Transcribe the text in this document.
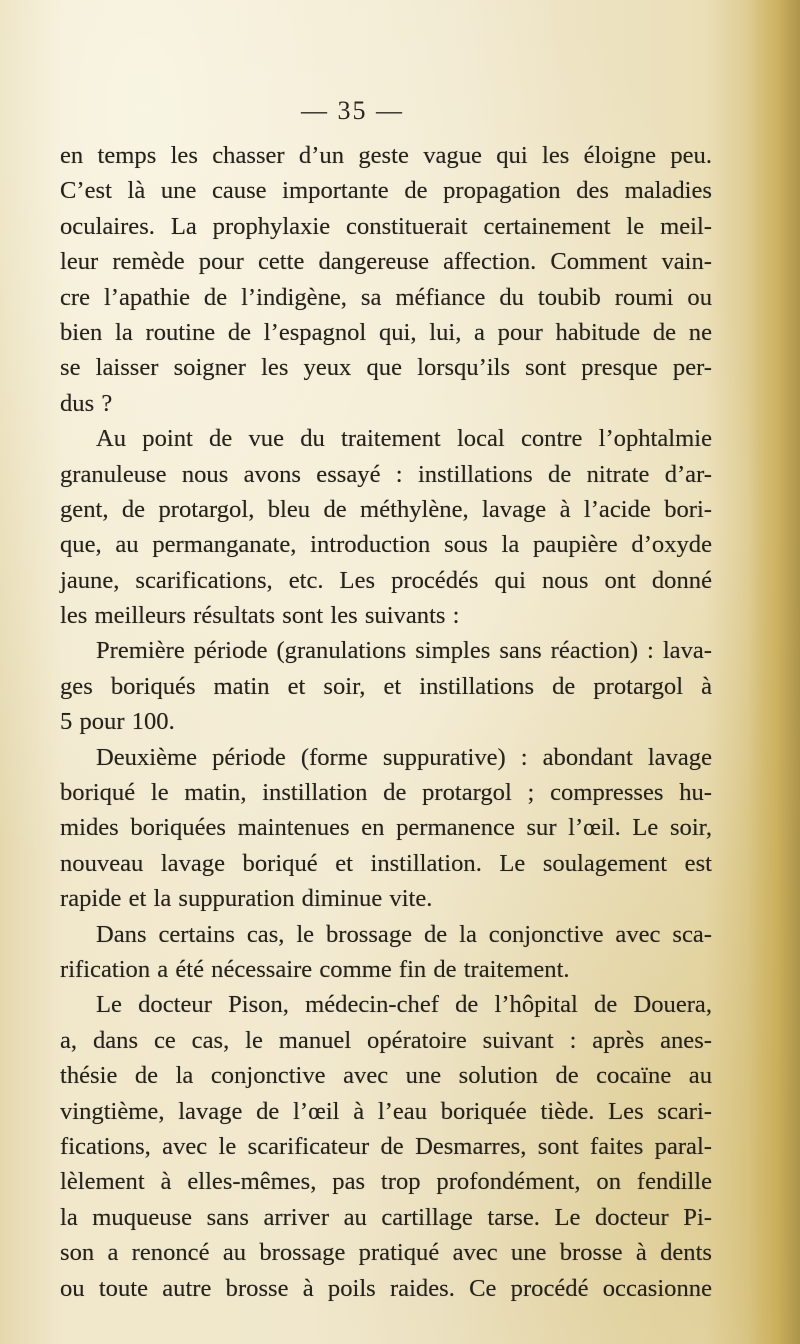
— 35 —
en temps les chasser d’un geste vague qui les éloigne peu.
C’est là une cause importante de propagation des maladies
oculaires. La prophylaxie constituerait certainement le meil-
leur remède pour cette dangereuse affection. Comment vain-
cre l’apathie de l’indigène, sa méfiance du toubib roumi ou
bien la routine de l’espagnol qui, lui, a pour habitude de ne
se laisser soigner les yeux que lorsqu’ils sont presque per-
dus ?
Au point de vue du traitement local contre l’ophtalmie
granuleuse nous avons essayé : instillations de nitrate d’ar-
gent, de protargol, bleu de méthylène, lavage à l’acide bori-
que, au permanganate, introduction sous la paupière d’oxyde
jaune, scarifications, etc. Les procédés qui nous ont donné
les meilleurs résultats sont les suivants :
Première période (granulations simples sans réaction) : lava-
ges boriqués matin et soir, et instillations de protargol à
5 pour 100.
Deuxième période (forme suppurative) : abondant lavage
boriqué le matin, instillation de protargol ; compresses hu-
mides boriquées maintenues en permanence sur l’œil. Le soir,
nouveau lavage boriqué et instillation. Le soulagement est
rapide et la suppuration diminue vite.
Dans certains cas, le brossage de la conjonctive avec sca-
rification a été nécessaire comme fin de traitement.
Le docteur Pison, médecin-chef de l’hôpital de Douera,
a, dans ce cas, le manuel opératoire suivant : après anes-
thésie de la conjonctive avec une solution de cocaïne au
vingtième, lavage de l’œil à l’eau boriquée tiède. Les scari-
fications, avec le scarificateur de Desmarres, sont faites paral-
lèlement à elles-mêmes, pas trop profondément, on fendille
la muqueuse sans arriver au cartillage tarse. Le docteur Pi-
son a renoncé au brossage pratiqué avec une brosse à dents
ou toute autre brosse à poils raides. Ce procédé occasionne
